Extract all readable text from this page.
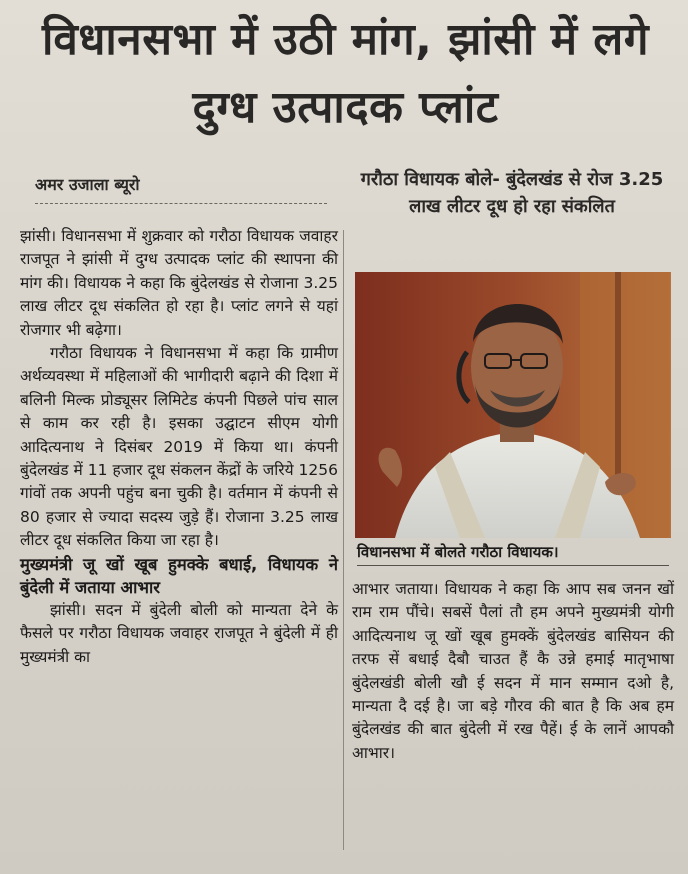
विधानसभा में उठी मांग, झांसी में लगे दुग्ध उत्पादक प्लांट
अमर उजाला ब्यूरो

झांसी। विधानसभा में शुक्रवार को गरौठा विधायक जवाहर राजपूत ने झांसी में दुग्ध उत्पादक प्लांट की स्थापना की मांग की। विधायक ने कहा कि बुंदेलखंड से रोजाना 3.25 लाख लीटर दूध संकलित हो रहा है। प्लांट लगने से यहां रोजगार भी बढ़ेगा।

गरौठा विधायक ने विधानसभा में कहा कि ग्रामीण अर्थव्यवस्था में महिलाओं की भागीदारी बढ़ाने की दिशा में बलिनी मिल्क प्रोड्यूसर लिमिटेड कंपनी पिछले पांच साल से काम कर रही है। इसका उद्घाटन सीएम योगी आदित्यनाथ ने दिसंबर 2019 में किया था। कंपनी बुंदेलखंड में 11 हजार दूध संकलन केंद्रों के जरिये 1256 गांवों तक अपनी पहुंच बना चुकी है। वर्तमान में कंपनी से 80 हजार से ज्यादा सदस्य जुड़े हैं। रोजाना 3.25 लाख लीटर दूध संकलित किया जा रहा है।

मुख्यमंत्री जू खों खूब हुमक्के बधाई, विधायक ने बुंदेली में जताया आभार

झांसी। सदन में बुंदेली बोली को मान्यता देने के फैसले पर गरौठा विधायक जवाहर राजपूत ने बुंदेली में ही मुख्यमंत्री का

गरौठा विधायक बोले- बुंदेलखंड से रोज 3.25 लाख लीटर दूध हो रहा संकलित
विधानसभा में बोलते गरौठा विधायक।

आभार जताया। विधायक ने कहा कि आप सब जनन खों राम राम पौंचे। सबसें पैलां तौ हम अपने मुख्यमंत्री योगी आदित्यनाथ जू खों खूब हुमक्कें बुंदेलखंड बासियन की तरफ सें बधाई दैबौ चाउत हैं कै उन्ने हमाई मातृभाषा बुंदेलखंडी बोली खौ ई सदन में मान सम्मान दओ है, मान्यता दै दई है। जा बड़े गौरव की बात है कि अब हम बुंदेलखंड की बात बुंदेली में रख पैहें। ई के लानें आपकौ आभार।
